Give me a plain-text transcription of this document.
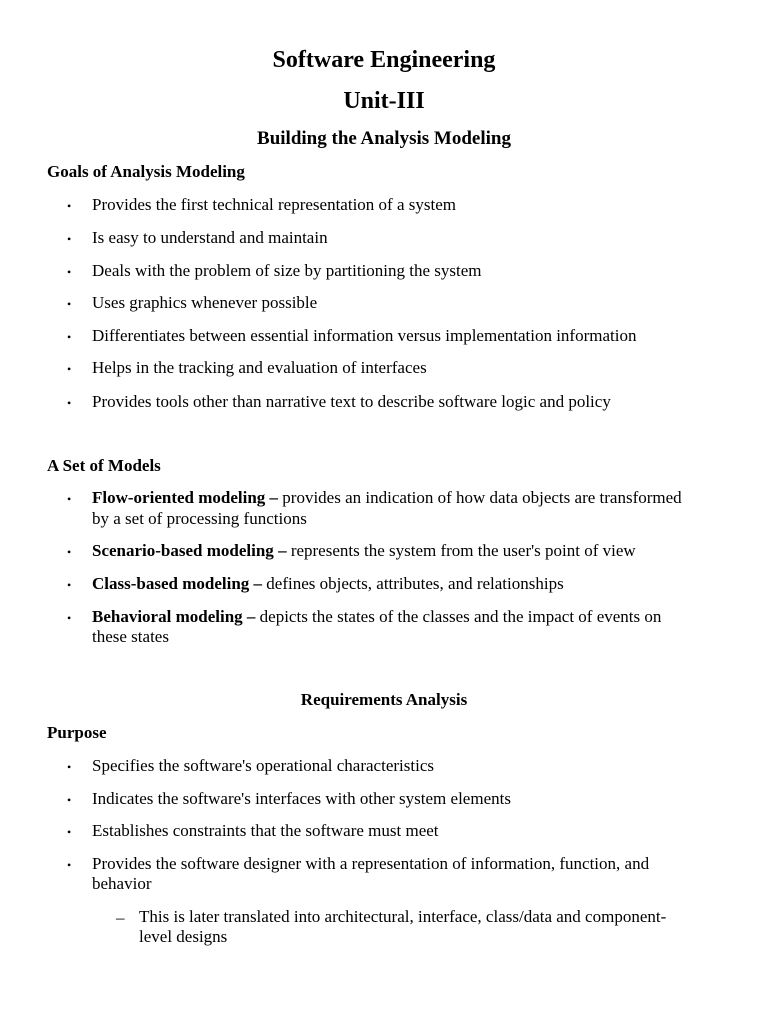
Software Engineering
Unit-III
Building the Analysis Modeling
Goals of Analysis Modeling
• Provides the first technical representation of a system
• Is easy to understand and maintain
• Deals with the problem of size by partitioning the system
• Uses graphics whenever possible
• Differentiates between essential information versus implementation information
• Helps in the tracking and evaluation of interfaces
• Provides tools other than narrative text to describe software logic and policy
A Set of Models
• Flow-oriented modeling – provides an indication of how data objects are transformed
by a set of processing functions
• Scenario-based modeling – represents the system from the user's point of view
• Class-based modeling – defines objects, attributes, and relationships
• Behavioral modeling – depicts the states of the classes and the impact of events on
these states
Requirements Analysis
Purpose
• Specifies the software's operational characteristics
• Indicates the software's interfaces with other system elements
• Establishes constraints that the software must meet
• Provides the software designer with a representation of information, function, and
behavior
– This is later translated into architectural, interface, class/data and component-
level designs
